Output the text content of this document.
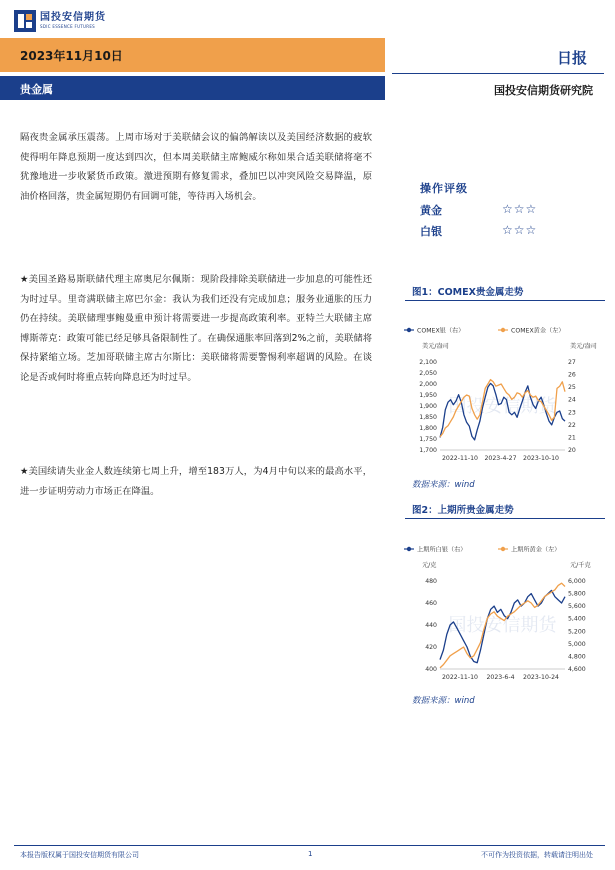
国投安信期货
SDIC ESSENCE FUTURES
2023年11月10日
贵金属
日报
国投安信期货研究院
隔夜贵金属承压震荡。上周市场对于美联储会议的偏鸽解读以及美国经济数据的疲软使得明年降息预期一度达到四次，但本周美联储主席鲍威尔称如果合适美联储将毫不犹豫地进一步收紧货币政策。激进预期有修复需求，叠加巴以冲突风险交易降温，原油价格回落，贵金属短期仍有回调可能，等待再入场机会。
★美国圣路易斯联储代理主席奥尼尔佩斯：现阶段排除美联储进一步加息的可能性还为时过早。里奇满联储主席巴尔金：我认为我们还没有完成加息；服务业通胀的压力仍在持续。美联储理事鲍曼重申预计将需要进一步提高政策利率。亚特兰大联储主席博斯蒂克：政策可能已经足够具备限制性了。在确保通胀率回落到2%之前，美联储将保持紧缩立场。芝加哥联储主席古尔斯比：美联储将需要警惕利率超调的风险。在谈论是否或何时将重点转向降息还为时过早。
★美国续请失业金人数连续第七周上升，增至183万人，为4月中旬以来的最高水平，进一步证明劳动力市场正在降温。
操作评级
黄金	☆☆☆
白银	☆☆☆
图1：COMEX贵金属走势
COMEX银（右）	COMEX黄金（左）
美元/盎司	美元/盎司
国投安信期货
1,700
1,750
1,800
1,850
1,900
1,950
2,000
2,050
2,100
20
21
22
23
24
25
26
27
2022-11-10 2023-4-27 2023-10-10
数据来源：wind
图2：上期所贵金属走势
上期所白银（右）	上期所黄金（左）
元/克	元/千克
国投安信期货
400
420
440
460
480
4,600
4,800
5,000
5,200
5,400
5,600
5,800
6,000
2022-11-10 2023-6-4 2023-10-24
数据来源：wind
本报告版权属于国投安信期货有限公司	1	不可作为投资依据，转载请注明出处
